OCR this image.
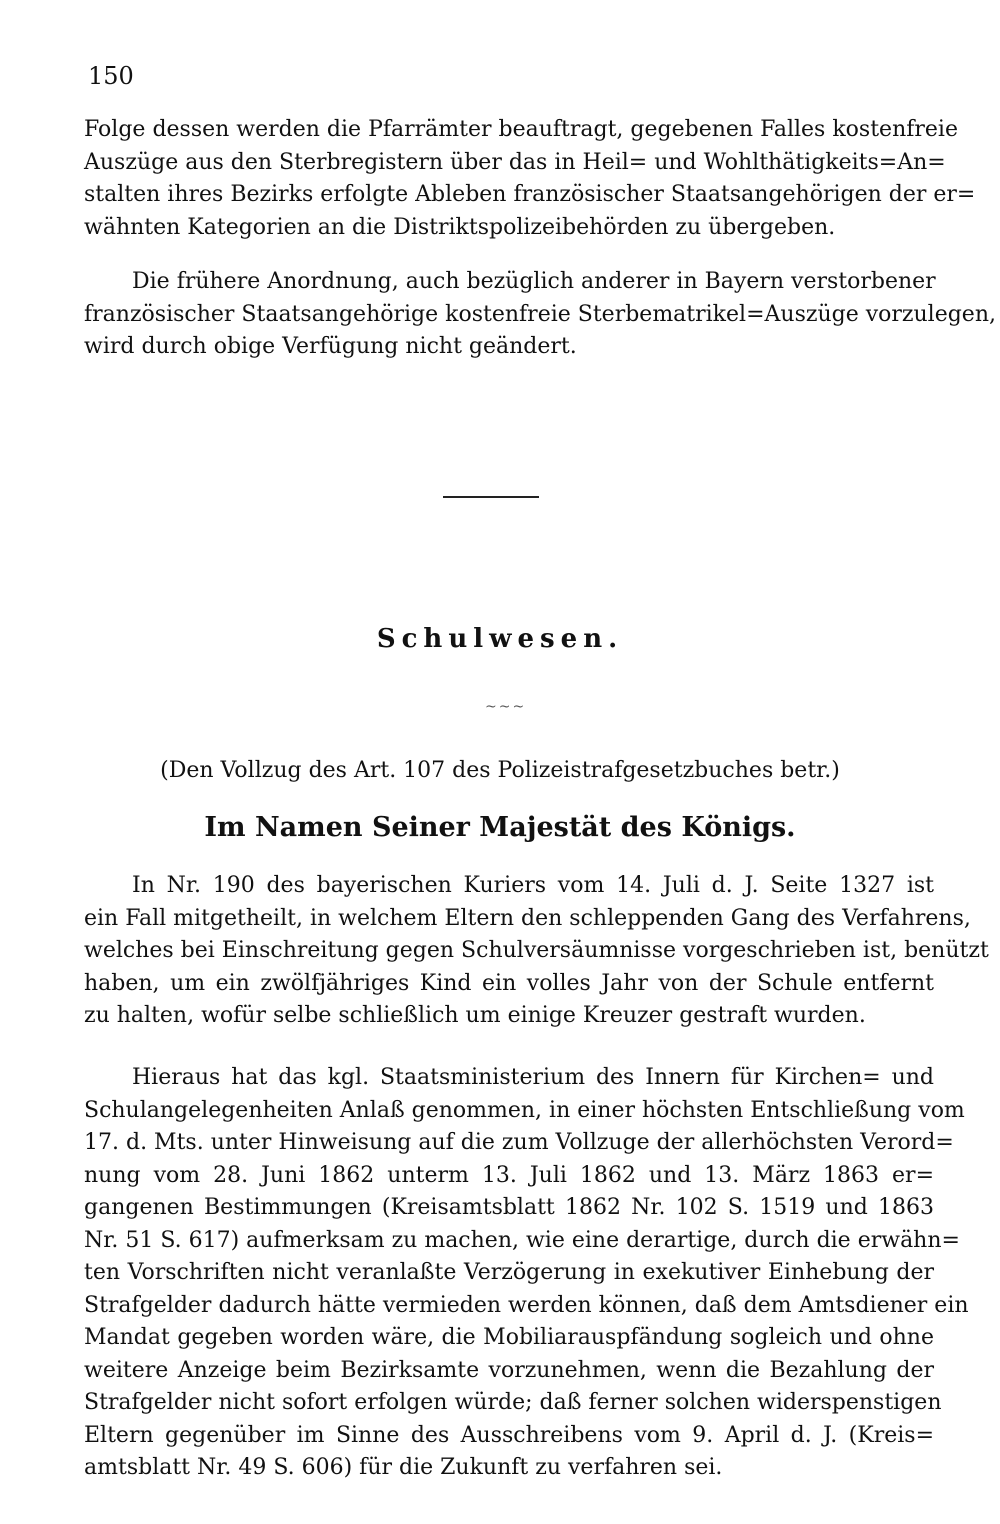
150
Folge dessen werden die Pfarrämter beauftragt, gegebenen Falles kostenfreie
Auszüge aus den Sterbregistern über das in Heil= und Wohlthätigkeits=An=
stalten ihres Bezirks erfolgte Ableben französischer Staatsangehörigen der er=
wähnten Kategorien an die Distriktspolizeibehörden zu übergeben.
Die frühere Anordnung, auch bezüglich anderer in Bayern verstorbener
französischer Staatsangehörige kostenfreie Sterbematrikel=Auszüge vorzulegen,
wird durch obige Verfügung nicht geändert.
Schulwesen.
~~~
(Den Vollzug des Art. 107 des Polizeistrafgesetzbuches betr.)
Im Namen Seiner Majestät des Königs.
In Nr. 190 des bayerischen Kuriers vom 14. Juli d. J. Seite 1327 ist
ein Fall mitgetheilt, in welchem Eltern den schleppenden Gang des Verfahrens,
welches bei Einschreitung gegen Schulversäumnisse vorgeschrieben ist, benützt
haben, um ein zwölfjähriges Kind ein volles Jahr von der Schule entfernt
zu halten, wofür selbe schließlich um einige Kreuzer gestraft wurden.
Hieraus hat das kgl. Staatsministerium des Innern für Kirchen= und
Schulangelegenheiten Anlaß genommen, in einer höchsten Entschließung vom
17. d. Mts. unter Hinweisung auf die zum Vollzuge der allerhöchsten Verord=
nung vom 28. Juni 1862 unterm 13. Juli 1862 und 13. März 1863 er=
gangenen Bestimmungen (Kreisamtsblatt 1862 Nr. 102 S. 1519 und 1863
Nr. 51 S. 617) aufmerksam zu machen, wie eine derartige, durch die erwähn=
ten Vorschriften nicht veranlaßte Verzögerung in exekutiver Einhebung der
Strafgelder dadurch hätte vermieden werden können, daß dem Amtsdiener ein
Mandat gegeben worden wäre, die Mobiliarauspfändung sogleich und ohne
weitere Anzeige beim Bezirksamte vorzunehmen, wenn die Bezahlung der
Strafgelder nicht sofort erfolgen würde; daß ferner solchen widerspenstigen
Eltern gegenüber im Sinne des Ausschreibens vom 9. April d. J. (Kreis=
amtsblatt Nr. 49 S. 606) für die Zukunft zu verfahren sei.
